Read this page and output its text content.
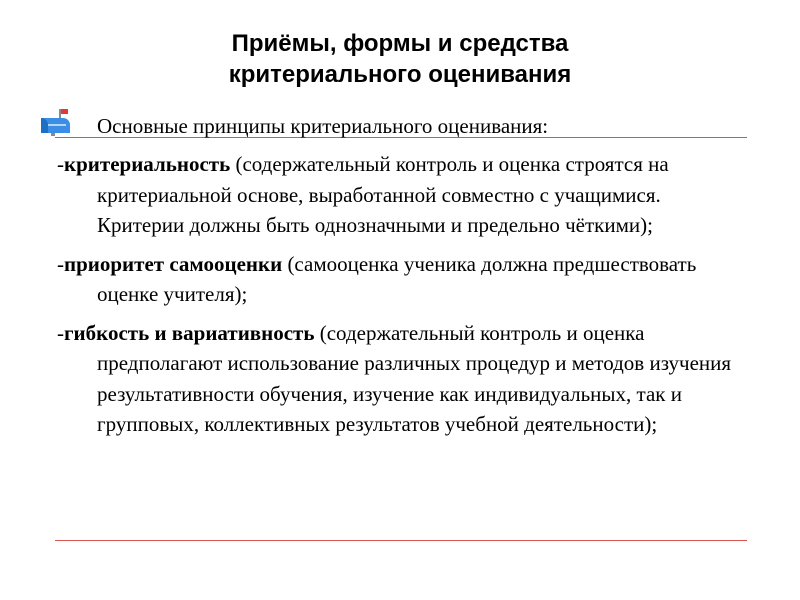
Приёмы, формы и средства
критериального оценивания
Основные принципы критериального оценивания:

-критериальность (содержательный контроль и оценка строятся на критериальной основе, выработанной совместно с учащимися. Критерии должны быть однозначными и предельно чёткими);

-приоритет самооценки (самооценка ученика должна предшествовать оценке учителя);

-гибкость и вариативность (содержательный контроль и оценка предполагают использование различных процедур и методов изучения результативности обучения, изучение как индивидуальных, так и групповых, коллективных результатов учебной деятельности);
